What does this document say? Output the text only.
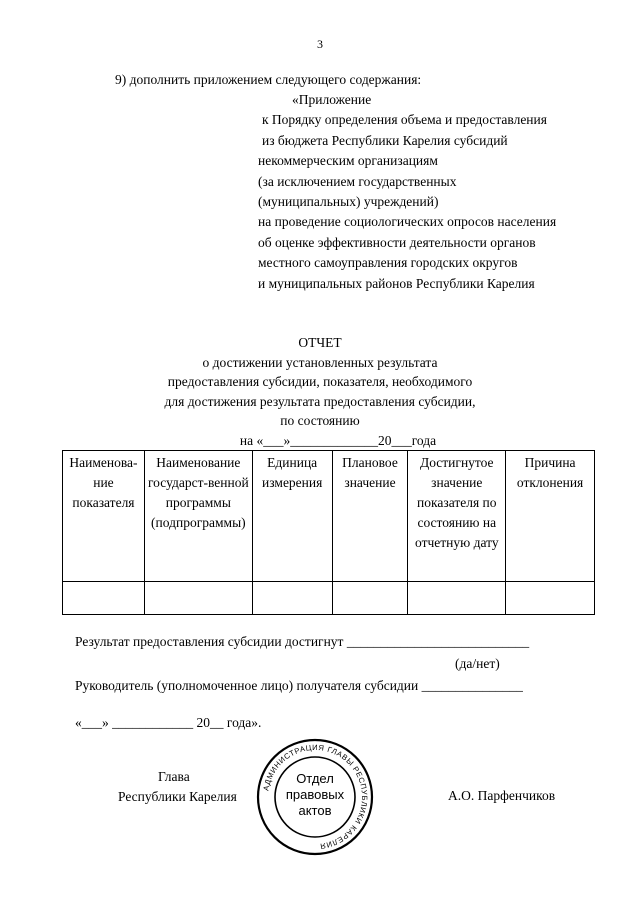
3
9) дополнить приложением следующего содержания:
«Приложение
к Порядку определения объема и предоставления
из бюджета Республики Карелия субсидий
некоммерческим организациям
(за исключением государственных
(муниципальных) учреждений)
на проведение социологических опросов населения
об оценке эффективности деятельности органов
местного самоуправления городских округов
и муниципальных районов Республики Карелия
ОТЧЕТ
о достижении установленных результата
предоставления субсидии, показателя, необходимого
для достижения результата предоставления субсидии,
по состоянию
на «___»_____________20___года
Наименова-ние показателя	Наименование государст-венной программы (подпрограммы)	Единица измерения	Плановое значение	Достигнутое значение показателя по состоянию на отчетную дату	Причина отклонения

Результат предоставления субсидии достигнут ___________________________
(да/нет)
Руководитель (уполномоченное лицо) получателя субсидии _______________
«___» ____________ 20__ года».
Глава
Республики Карелия	А.О. Парфенчиков
АДМИНИСТРАЦИЯ ГЛАВЫ РЕСПУБЛИКИ КАРЕЛИЯ
Отдел
правовых
актов
